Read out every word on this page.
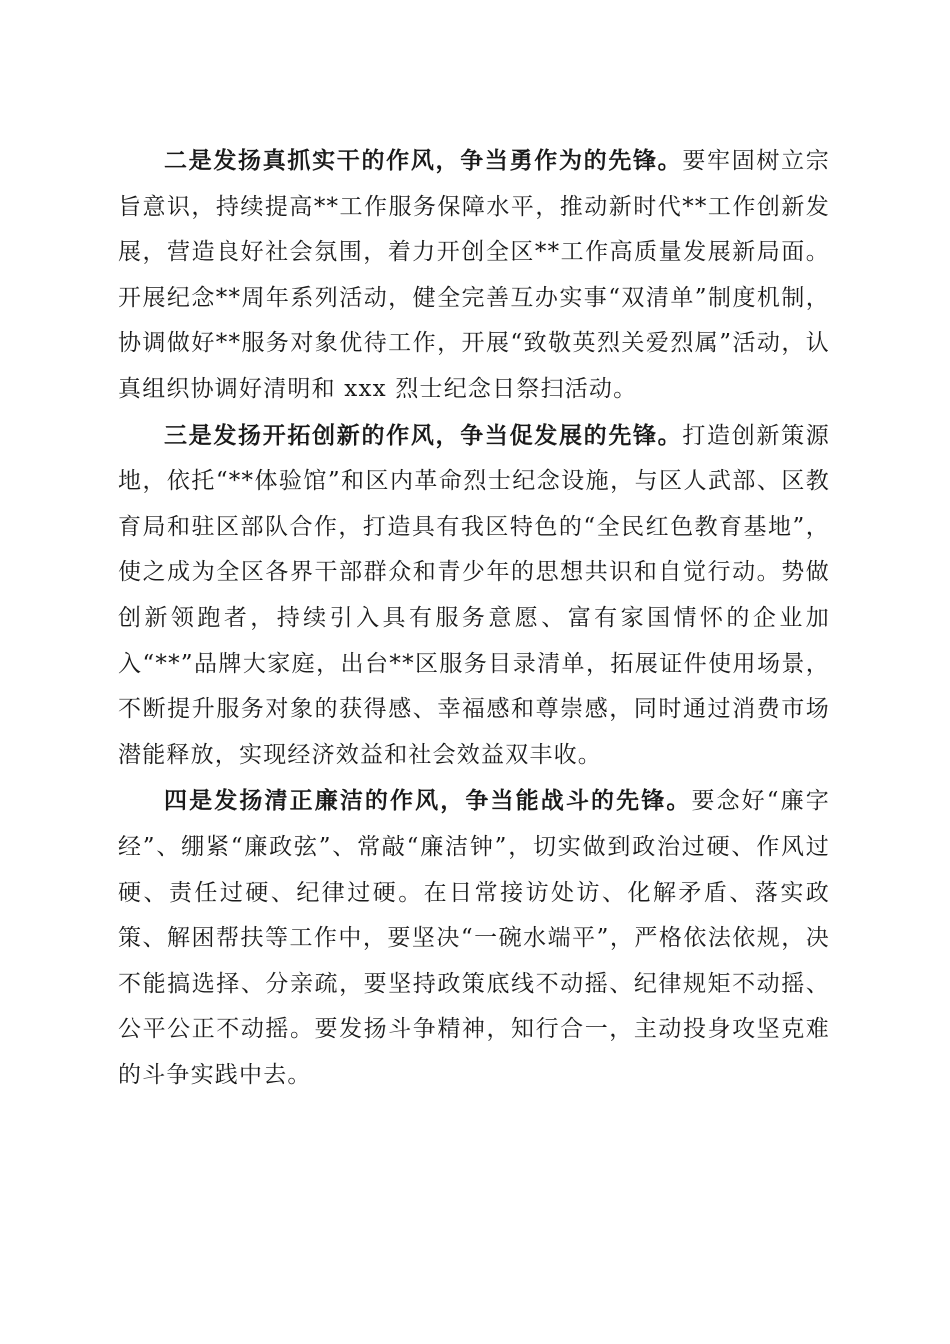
二是发扬真抓实干的作风，争当勇作为的先锋。要牢固树立宗旨意识，持续提高**工作服务保障水平，推动新时代**工作创新发展，营造良好社会氛围，着力开创全区**工作高质量发展新局面。开展纪念**周年系列活动，健全完善互办实事“双清单”制度机制，协调做好**服务对象优待工作，开展“致敬英烈关爱烈属”活动，认真组织协调好清明和 xxx 烈士纪念日祭扫活动。

三是发扬开拓创新的作风，争当促发展的先锋。打造创新策源地，依托“**体验馆”和区内革命烈士纪念设施，与区人武部、区教育局和驻区部队合作，打造具有我区特色的“全民红色教育基地”，使之成为全区各界干部群众和青少年的思想共识和自觉行动。势做创新领跑者，持续引入具有服务意愿、富有家国情怀的企业加入“**”品牌大家庭，出台**区服务目录清单，拓展证件使用场景，不断提升服务对象的获得感、幸福感和尊崇感，同时通过消费市场潜能释放，实现经济效益和社会效益双丰收。

四是发扬清正廉洁的作风，争当能战斗的先锋。要念好“廉字经”、绷紧“廉政弦”、常敲“廉洁钟”，切实做到政治过硬、作风过硬、责任过硬、纪律过硬。在日常接访处访、化解矛盾、落实政策、解困帮扶等工作中，要坚决“一碗水端平”，严格依法依规，决不能搞选择、分亲疏，要坚持政策底线不动摇、纪律规矩不动摇、公平公正不动摇。要发扬斗争精神，知行合一，主动投身攻坚克难的斗争实践中去。
